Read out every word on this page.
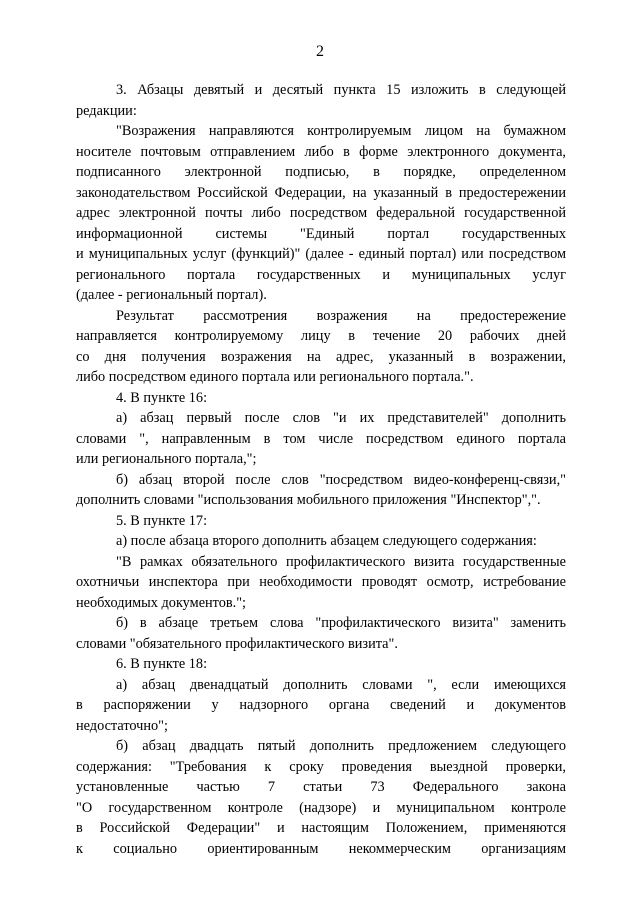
2
3. Абзацы девятый и десятый пункта 15 изложить в следующей
редакции:
"Возражения направляются контролируемым лицом на бумажном
носителе почтовым отправлением либо в форме электронного документа,
подписанного электронной подписью, в порядке, определенном
законодательством Российской Федерации, на указанный в предостережении
адрес электронной почты либо посредством федеральной государственной
информационной системы "Единый портал государственных
и муниципальных услуг (функций)" (далее - единый портал) или посредством
регионального портала государственных и муниципальных услуг
(далее - региональный портал).
Результат рассмотрения возражения на предостережение
направляется контролируемому лицу в течение 20 рабочих дней
со дня получения возражения на адрес, указанный в возражении,
либо посредством единого портала или регионального портала.".
4. В пункте 16:
а) абзац первый после слов "и их представителей" дополнить
словами ", направленным в том числе посредством единого портала
или регионального портала,";
б) абзац второй после слов "посредством видео-конференц-связи,"
дополнить словами "использования мобильного приложения "Инспектор",".
5. В пункте 17:
а) после абзаца второго дополнить абзацем следующего содержания:
"В рамках обязательного профилактического визита государственные
охотничьи инспектора при необходимости проводят осмотр, истребование
необходимых документов.";
б) в абзаце третьем слова "профилактического визита" заменить
словами "обязательного профилактического визита".
6. В пункте 18:
а) абзац двенадцатый дополнить словами ", если имеющихся
в распоряжении у надзорного органа сведений и документов
недостаточно";
б) абзац двадцать пятый дополнить предложением следующего
содержания: "Требования к сроку проведения выездной проверки,
установленные частью 7 статьи 73 Федерального закона
"О государственном контроле (надзоре) и муниципальном контроле
в Российской Федерации" и настоящим Положением, применяются
к социально ориентированным некоммерческим организациям
